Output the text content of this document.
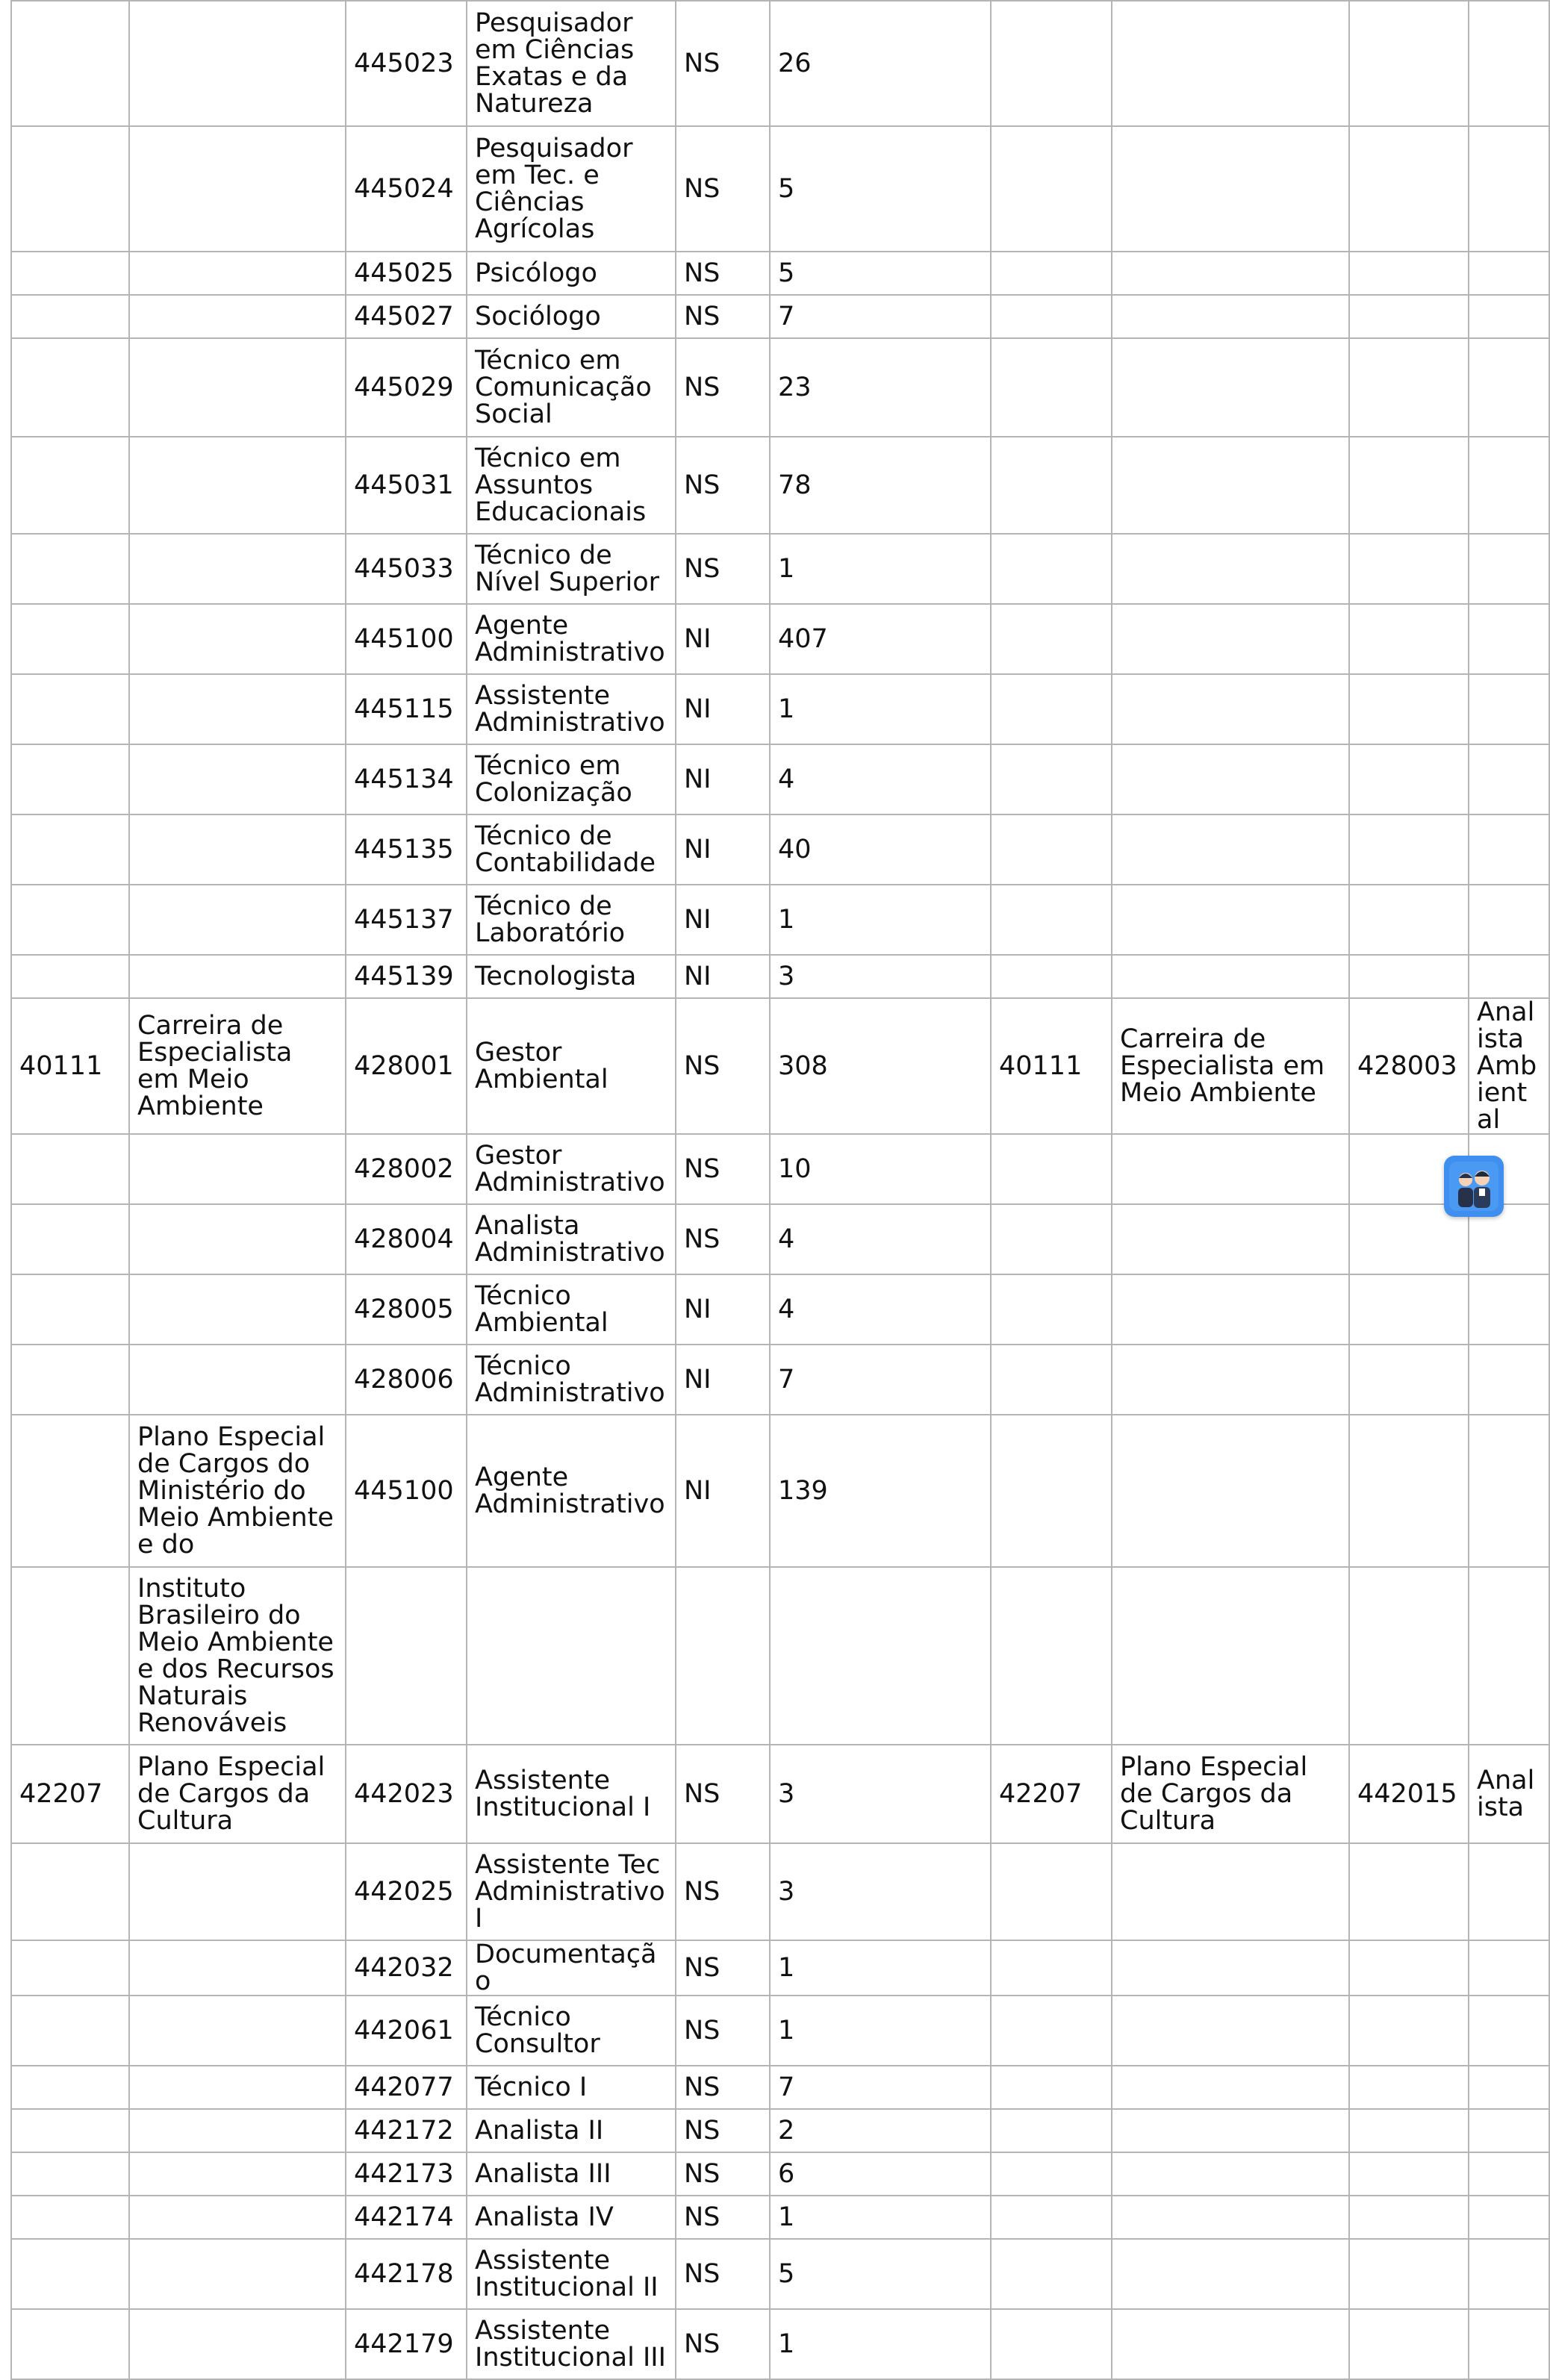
		445023	Pesquisador em Ciências Exatas e da Natureza	NS	26				
		445024	Pesquisador em Tec. e Ciências Agrícolas	NS	5				
		445025	Psicólogo	NS	5				
		445027	Sociólogo	NS	7				
		445029	Técnico em Comunicação Social	NS	23				
		445031	Técnico em Assuntos Educacionais	NS	78				
		445033	Técnico de Nível Superior	NS	1				
		445100	Agente Administrativo	NI	407				
		445115	Assistente Administrativo	NI	1				
		445134	Técnico em Colonização	NI	4				
		445135	Técnico de Contabilidade	NI	40				
		445137	Técnico de Laboratório	NI	1				
		445139	Tecnologista	NI	3				
40111	Carreira de Especialista em Meio Ambiente	428001	Gestor Ambiental	NS	308	40111	Carreira de Especialista em Meio Ambiente	428003	Analista Ambiental
		428002	Gestor Administrativo	NS	10				
		428004	Analista Administrativo	NS	4				
		428005	Técnico Ambiental	NI	4				
		428006	Técnico Administrativo	NI	7				
	Plano Especial de Cargos do Ministério do Meio Ambiente e do	445100	Agente Administrativo	NI	139				
	Instituto Brasileiro do Meio Ambiente e dos Recursos Naturais Renováveis								
42207	Plano Especial de Cargos da Cultura	442023	Assistente Institucional I	NS	3	42207	Plano Especial de Cargos da Cultura	442015	Analista
		442025	Assistente Tec Administrativo I	NS	3				
		442032	Documentação	NS	1				
		442061	Técnico Consultor	NS	1				
		442077	Técnico I	NS	7				
		442172	Analista II	NS	2				
		442173	Analista III	NS	6				
		442174	Analista IV	NS	1				
		442178	Assistente Institucional II	NS	5				
		442179	Assistente Institucional III	NS	1				
